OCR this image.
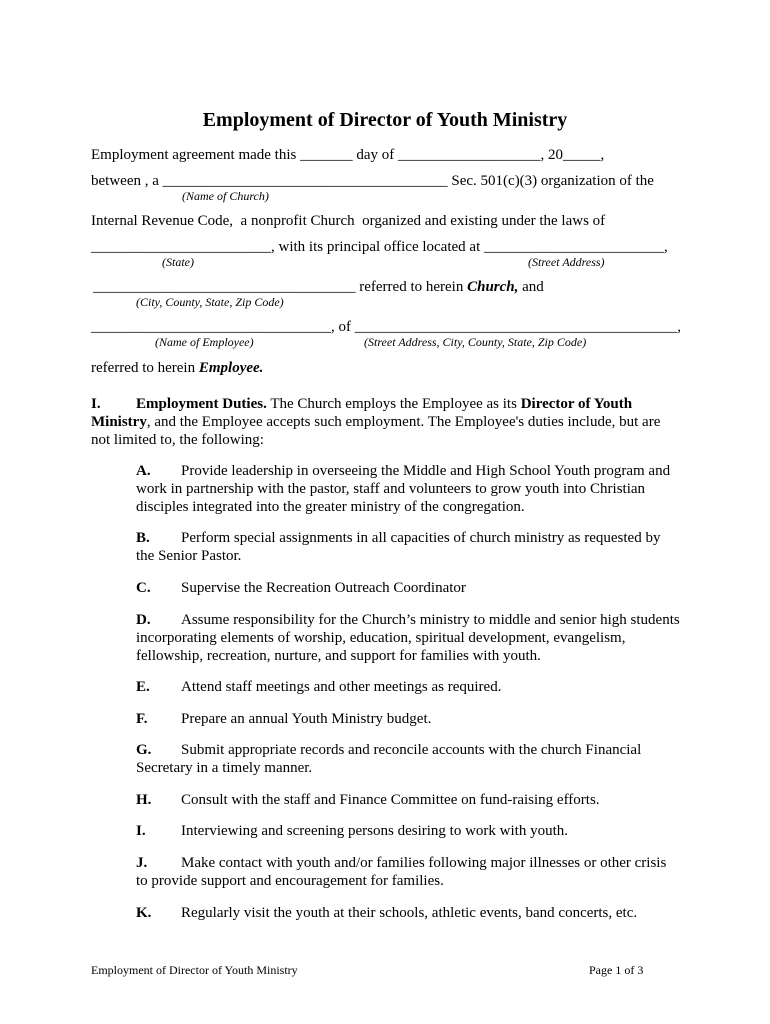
Employment of Director of Youth Ministry
Employment agreement made this _______ day of ___________________, 20_____,
between , a ______________________________________ Sec. 501(c)(3) organization of the
(Name of Church)
Internal Revenue Code,  a nonprofit Church  organized and existing under the laws of
________________________, with its principal office located at ________________________,
(State)	(Street Address)
___________________________________ referred to herein Church, and
(City, County, State, Zip Code)
________________________________, of ___________________________________________,
(Name of Employee)	(Street Address, City, County, State, Zip Code)
referred to herein Employee.
I. Employment Duties. The Church employs the Employee as its Director of Youth Ministry, and the Employee accepts such employment. The Employee's duties include, but are not limited to, the following:
A. Provide leadership in overseeing the Middle and High School Youth program and work in partnership with the pastor, staff and volunteers to grow youth into Christian disciples integrated into the greater ministry of the congregation.
B. Perform special assignments in all capacities of church ministry as requested by the Senior Pastor.
C. Supervise the Recreation Outreach Coordinator
D. Assume responsibility for the Church’s ministry to middle and senior high students incorporating elements of worship, education, spiritual development, evangelism, fellowship, recreation, nurture, and support for families with youth.
E. Attend staff meetings and other meetings as required.
F. Prepare an annual Youth Ministry budget.
G. Submit appropriate records and reconcile accounts with the church Financial Secretary in a timely manner.
H. Consult with the staff and Finance Committee on fund-raising efforts.
I. Interviewing and screening persons desiring to work with youth.
J. Make contact with youth and/or families following major illnesses or other crisis to provide support and encouragement for families.
K. Regularly visit the youth at their schools, athletic events, band concerts, etc.
Employment of Director of Youth Ministry	Page 1 of 3
